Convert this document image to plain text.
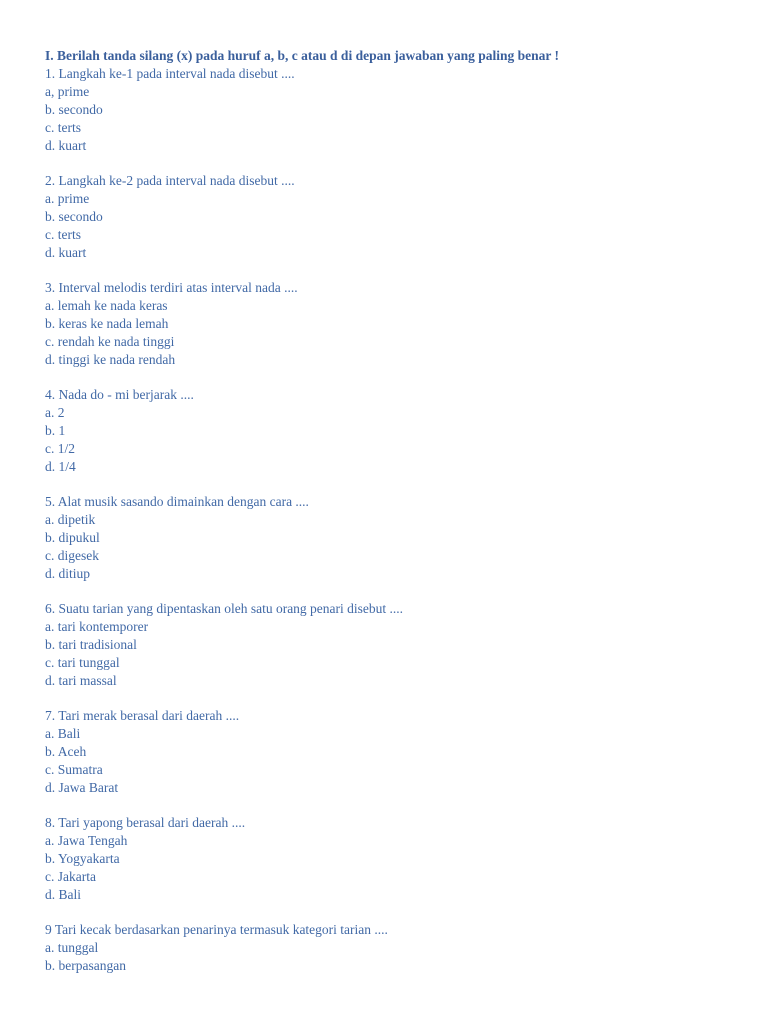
I. Berilah tanda silang (x) pada huruf a, b, c atau d di depan jawaban yang paling benar !
1. Langkah ke-1 pada interval nada disebut ....
a, prime
b. secondo
c. terts
d. kuart
2. Langkah ke-2 pada interval nada disebut ....
a. prime
b. secondo
c. terts
d. kuart
3. Interval melodis terdiri atas interval nada ....
a. lemah ke nada keras
b. keras ke nada lemah
c. rendah ke nada tinggi
d. tinggi ke nada rendah
4. Nada do - mi berjarak ....
a. 2
b. 1
c. 1/2
d. 1/4
5. Alat musik sasando dimainkan dengan cara ....
a. dipetik
b. dipukul
c. digesek
d. ditiup
6. Suatu tarian yang dipentaskan oleh satu orang penari disebut ....
a. tari kontemporer
b. tari tradisional
c. tari tunggal
d. tari massal
7. Tari merak berasal dari daerah ....
a. Bali
b. Aceh
c. Sumatra
d. Jawa Barat
8. Tari yapong berasal dari daerah ....
a. Jawa Tengah
b. Yogyakarta
c. Jakarta
d. Bali
9 Tari kecak berdasarkan penarinya termasuk kategori tarian ....
a. tunggal
b. berpasangan
